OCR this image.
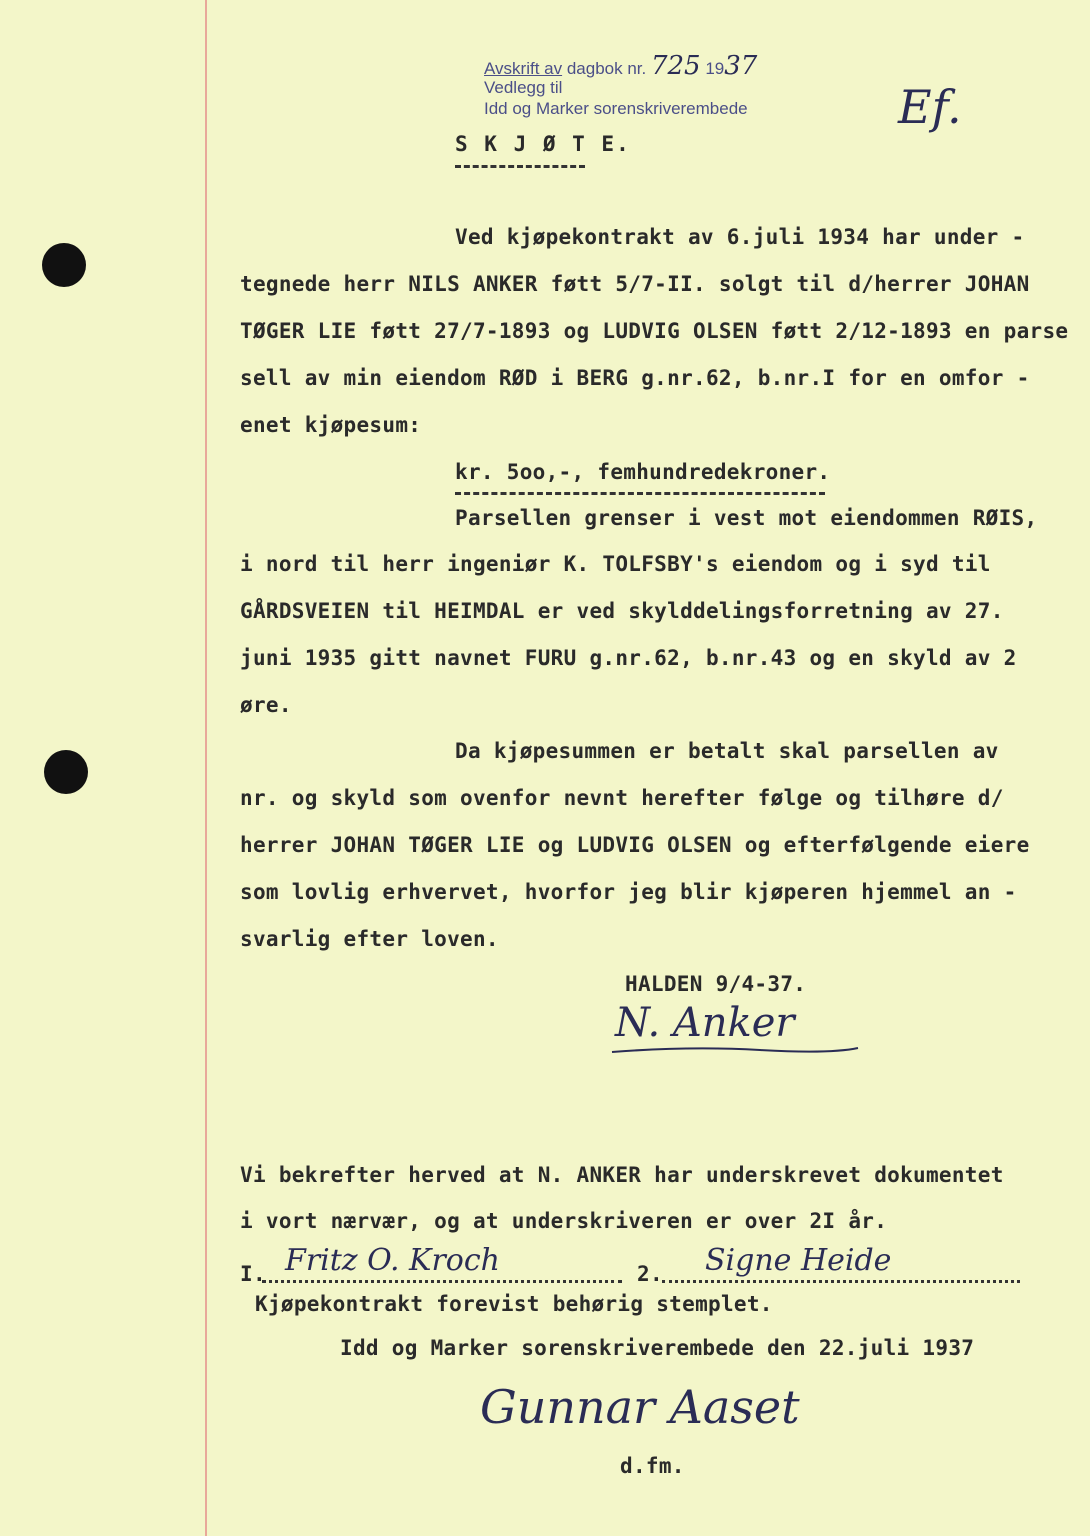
Avskrift av dagbok nr. 725 1937
Vedlegg til
Idd og Marker sorenskriverembede	Ef.
S K J Ø T E.
Ved kjøpekontrakt av 6.juli 1934 har under -
tegnede herr NILS ANKER føtt 5/7-II. solgt til d/herrer JOHAN
TØGER LIE føtt 27/7-1893 og LUDVIG OLSEN føtt 2/12-1893 en parse
sell av min eiendom RØD i BERG g.nr.62, b.nr.I for en omfor -
enet kjøpesum:
kr. 5oo,-, femhundredekroner.
Parsellen grenser i vest mot eiendommen RØIS,
i nord til herr ingeniør K. TOLFSBY's eiendom og i syd til
GÅRDSVEIEN til HEIMDAL er ved skylddelingsforretning av 27.
juni 1935 gitt navnet FURU g.nr.62, b.nr.43 og en skyld av 2
øre.
Da kjøpesummen er betalt skal parsellen av
nr. og skyld som ovenfor nevnt herefter følge og tilhøre d/
herrer JOHAN TØGER LIE og LUDVIG OLSEN og efterfølgende eiere
som lovlig erhvervet, hvorfor jeg blir kjøperen hjemmel an -
svarlig efter loven.
HALDEN 9/4-37.
N. Anker
Vi bekrefter herved at N. ANKER har underskrevet dokumentet
i vort nærvær, og at underskriveren er over 2I år.
I. Fritz O. Kroch	2. Signe Heide
Kjøpekontrakt forevist behørig stemplet.
Idd og Marker sorenskriverembede den 22.juli 1937
Gunnar Aaset
d.fm.
